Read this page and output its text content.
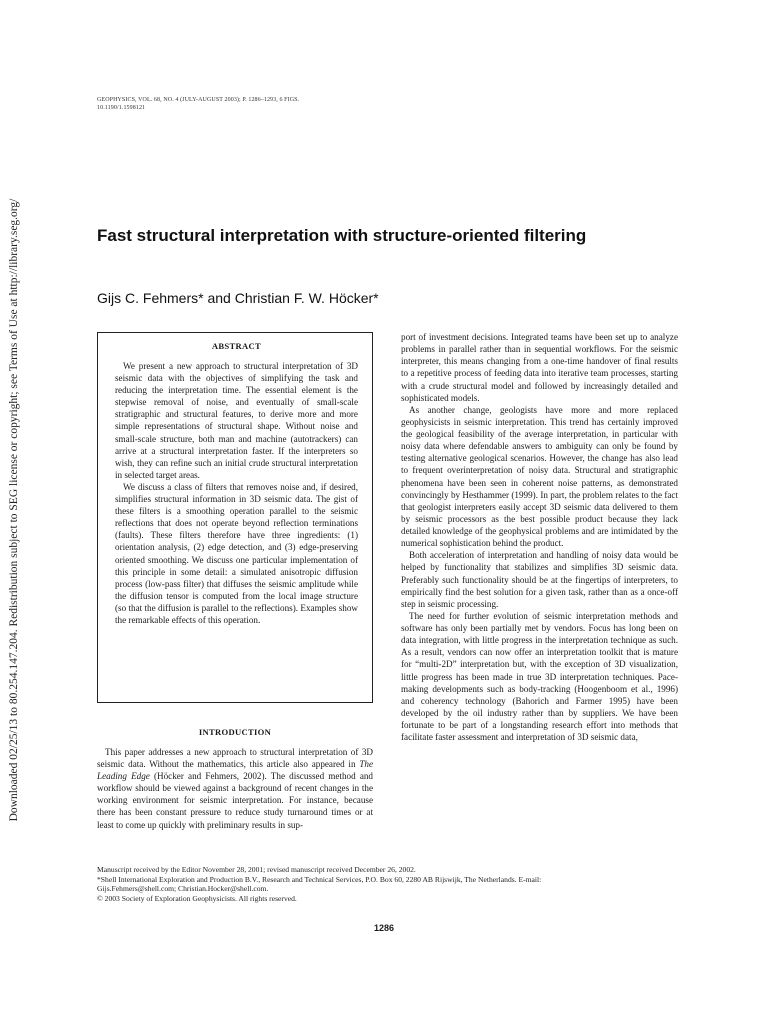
GEOPHYSICS, VOL. 68, NO. 4 (JULY-AUGUST 2003); P. 1286–1293, 6 FIGS.
10.1190/1.1598121
Downloaded 02/25/13 to 80.254.147.204. Redistribution subject to SEG license or copyright; see Terms of Use at http://library.seg.org/	Fast structural interpretation with structure-oriented filtering
Gijs C. Fehmers* and Christian F. W. Höcker*
ABSTRACT

We present a new approach to structural interpretation of 3D seismic data with the objectives of simplifying the task and reducing the interpretation time. The essential element is the stepwise removal of noise, and eventually of small-scale stratigraphic and structural features, to derive more and more simple representations of structural shape. Without noise and small-scale structure, both man and machine (autotrackers) can arrive at a structural interpretation faster. If the interpreters so wish, they can refine such an initial crude structural interpretation in selected target areas.

We discuss a class of filters that removes noise and, if desired, simplifies structural information in 3D seismic data. The gist of these filters is a smoothing operation parallel to the seismic reflections that does not operate beyond reflection terminations (faults). These filters therefore have three ingredients: (1) orientation analysis, (2) edge detection, and (3) edge-preserving oriented smoothing. We discuss one particular implementation of this principle in some detail: a simulated anisotropic diffusion process (low-pass filter) that diffuses the seismic amplitude while the diffusion tensor is computed from the local image structure (so that the diffusion is parallel to the reflections). Examples show the remarkable effects of this operation.

INTRODUCTION

This paper addresses a new approach to structural interpretation of 3D seismic data. Without the mathematics, this article also appeared in The Leading Edge (Höcker and Fehmers, 2002). The discussed method and workflow should be viewed against a background of recent changes in the working environment for seismic interpretation. For instance, because there has been constant pressure to reduce study turnaround times or at least to come up quickly with preliminary results in sup-

port of investment decisions. Integrated teams have been set up to analyze problems in parallel rather than in sequential workflows. For the seismic interpreter, this means changing from a one-time handover of final results to a repetitive process of feeding data into iterative team processes, starting with a crude structural model and followed by increasingly detailed and sophisticated models.

As another change, geologists have more and more replaced geophysicists in seismic interpretation. This trend has certainly improved the geological feasibility of the average interpretation, in particular with noisy data where defendable answers to ambiguity can only be found by testing alternative geological scenarios. However, the change has also lead to frequent overinterpretation of noisy data. Structural and stratigraphic phenomena have been seen in coherent noise patterns, as demonstrated convincingly by Hesthammer (1999). In part, the problem relates to the fact that geologist interpreters easily accept 3D seismic data delivered to them by seismic processors as the best possible product because they lack detailed knowledge of the geophysical problems and are intimidated by the numerical sophistication behind the product.

Both acceleration of interpretation and handling of noisy data would be helped by functionality that stabilizes and simplifies 3D seismic data. Preferably such functionality should be at the fingertips of interpreters, to empirically find the best solution for a given task, rather than as a once-off step in seismic processing.

The need for further evolution of seismic interpretation methods and software has only been partially met by vendors. Focus has long been on data integration, with little progress in the interpretation technique as such. As a result, vendors can now offer an interpretation toolkit that is mature for “multi-2D” interpretation but, with the exception of 3D visualization, little progress has been made in true 3D interpretation techniques. Pace-making developments such as body-tracking (Hoogenboom et al., 1996) and coherency technology (Bahorich and Farmer 1995) have been developed by the oil industry rather than by suppliers. We have been fortunate to be part of a longstanding research effort into methods that facilitate faster assessment and interpretation of 3D seismic data,

Manuscript received by the Editor November 28, 2001; revised manuscript received December 26, 2002.
*Shell International Exploration and Production B.V., Research and Technical Services, P.O. Box 60, 2280 AB Rijswijk, The Netherlands. E-mail:
Gijs.Fehmers@shell.com; Christian.Hocker@shell.com.
© 2003 Society of Exploration Geophysicists. All rights reserved.
1286
